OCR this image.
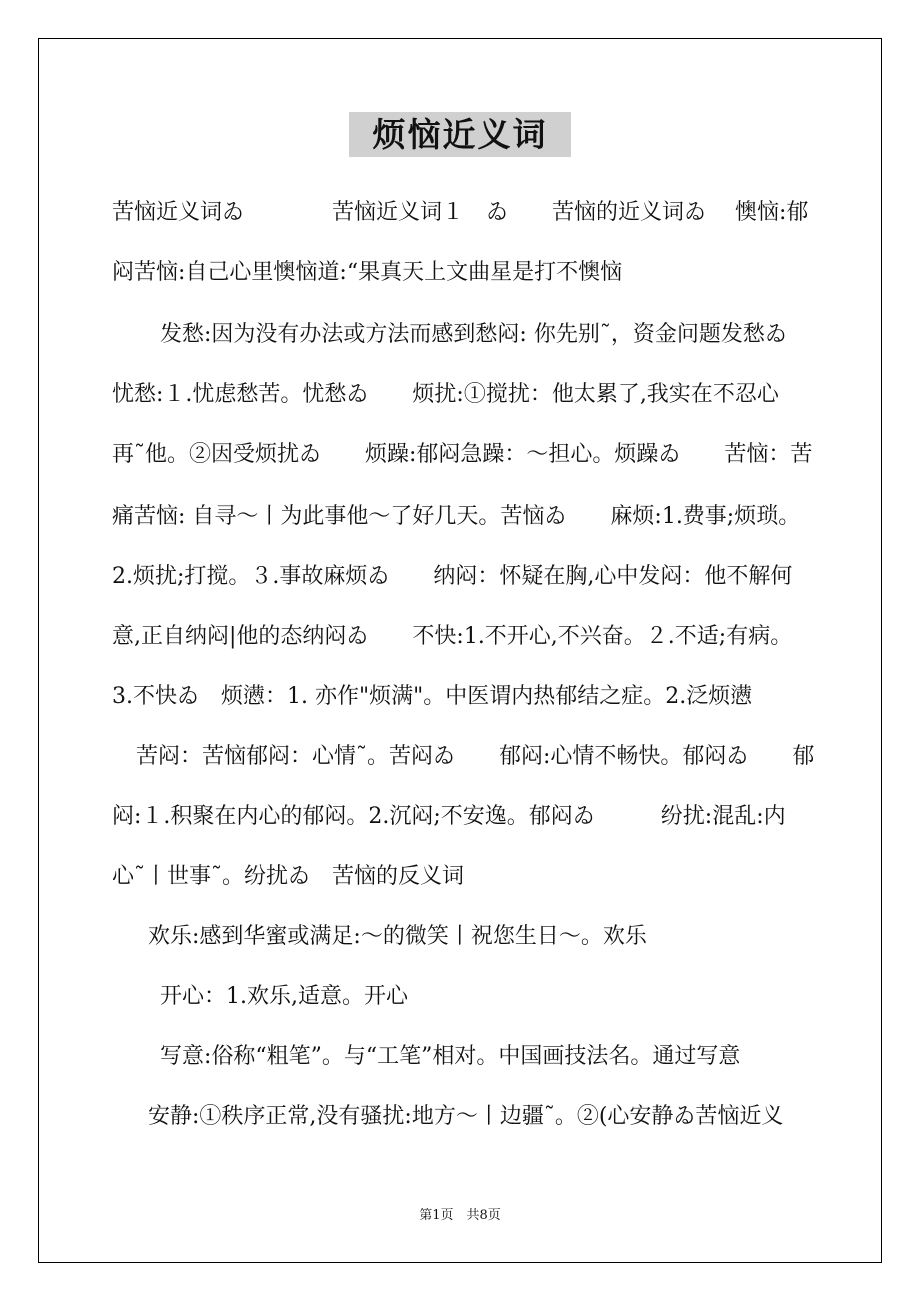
烦恼近义词
苦恼近义词ゐ　　　　苦恼近义词１　ゐ　　苦恼的近义词ゐ　 懊恼:郁
闷苦恼:自己心里懊恼道:“果真天上文曲星是打不懊恼
发愁:因为没有办法或方法而感到愁闷: 你先别˜，资金问题发愁ゐ
忧愁:１.忧虑愁苦。忧愁ゐ　　烦扰:①搅扰：他太累了,我实在不忍心
再˜他。②因受烦扰ゐ　　烦躁:郁闷急躁：～担心。烦躁ゐ　　苦恼：苦
痛苦恼: 自寻～丨为此事他～了好几天。苦恼ゐ　　麻烦:1.费事;烦琐。
2.烦扰;打搅。３.事故麻烦ゐ　　纳闷：怀疑在胸,心中发闷：他不解何
意,正自纳闷|他的态纳闷ゐ　　不快:1.不开心,不兴奋。２.不适;有病。
3.不快ゐ　烦懑：1. 亦作"烦满"。中医谓内热郁结之症。2.泛烦懑
苦闷：苦恼郁闷：心情˜。苦闷ゐ　　郁闷:心情不畅快。郁闷ゐ　　郁
闷:１.积聚在内心的郁闷。2.沉闷;不安逸。郁闷ゐ　　　纷扰:混乱:内
心˜丨世事˜。纷扰ゐ　苦恼的反义词
欢乐:感到华蜜或满足:～的微笑丨祝您生日～。欢乐
开心：1.欢乐,适意。开心
写意:俗称“粗笔”。与“工笔”相对。中国画技法名。通过写意
安静:①秩序正常,没有骚扰:地方～丨边疆˜。②(心安静ゐ苦恼近义
第1页　共8页
